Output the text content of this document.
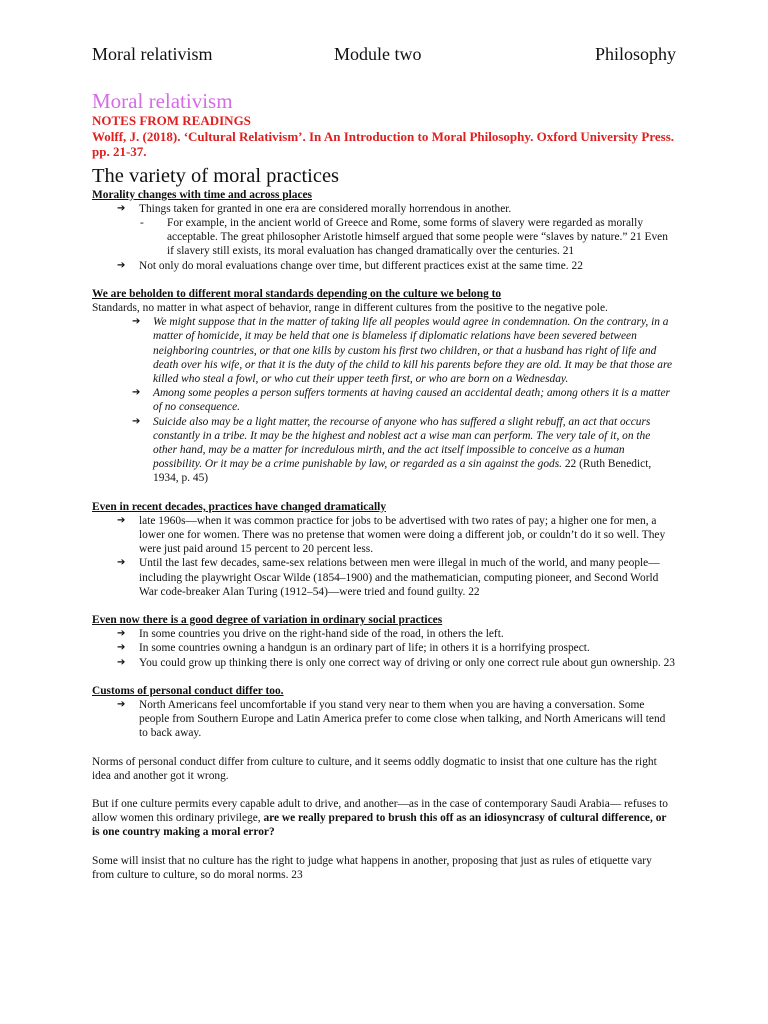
Moral relativism	Module two	Philosophy
Moral relativism
NOTES FROM READINGS
Wolff, J. (2018). ‘Cultural Relativism’. In An Introduction to Moral Philosophy. Oxford University Press. pp. 21-37.
The variety of moral practices
Morality changes with time and across places
➔ Things taken for granted in one era are considered morally horrendous in another.
- For example, in the ancient world of Greece and Rome, some forms of slavery were regarded as morally acceptable. The great philosopher Aristotle himself argued that some people were “slaves by nature.” 21 Even if slavery still exists, its moral evaluation has changed dramatically over the centuries. 21
➔ Not only do moral evaluations change over time, but different practices exist at the same time. 22
We are beholden to different moral standards depending on the culture we belong to
Standards, no matter in what aspect of behavior, range in different cultures from the positive to the negative pole.
➔ We might suppose that in the matter of taking life all peoples would agree in condemnation. On the contrary, in a matter of homicide, it may be held that one is blameless if diplomatic relations have been severed between neighboring countries, or that one kills by custom his first two children, or that a husband has right of life and death over his wife, or that it is the duty of the child to kill his parents before they are old. It may be that those are killed who steal a fowl, or who cut their upper teeth first, or who are born on a Wednesday.
➔ Among some peoples a person suffers torments at having caused an accidental death; among others it is a matter of no consequence.
➔ Suicide also may be a light matter, the recourse of anyone who has suffered a slight rebuff, an act that occurs constantly in a tribe. It may be the highest and noblest act a wise man can perform. The very tale of it, on the other hand, may be a matter for incredulous mirth, and the act itself impossible to conceive as a human possibility. Or it may be a crime punishable by law, or regarded as a sin against the gods. 22 (Ruth Benedict, 1934, p. 45)
Even in recent decades, practices have changed dramatically
➔ late 1960s—when it was common practice for jobs to be advertised with two rates of pay; a higher one for men, a lower one for women. There was no pretense that women were doing a different job, or couldn’t do it so well. They were just paid around 15 percent to 20 percent less.
➔ Until the last few decades, same-sex relations between men were illegal in much of the world, and many people—including the playwright Oscar Wilde (1854–1900) and the mathematician, computing pioneer, and Second World War code-breaker Alan Turing (1912–54)—were tried and found guilty. 22
Even now there is a good degree of variation in ordinary social practices
➔ In some countries you drive on the right-hand side of the road, in others the left.
➔ In some countries owning a handgun is an ordinary part of life; in others it is a horrifying prospect.
➔ You could grow up thinking there is only one correct way of driving or only one correct rule about gun ownership. 23
Customs of personal conduct differ too.
➔ North Americans feel uncomfortable if you stand very near to them when you are having a conversation. Some people from Southern Europe and Latin America prefer to come close when talking, and North Americans will tend to back away.
Norms of personal conduct differ from culture to culture, and it seems oddly dogmatic to insist that one culture has the right idea and another got it wrong.
But if one culture permits every capable adult to drive, and another—as in the case of contemporary Saudi Arabia— refuses to allow women this ordinary privilege, are we really prepared to brush this off as an idiosyncrasy of cultural difference, or is one country making a moral error?
Some will insist that no culture has the right to judge what happens in another, proposing that just as rules of etiquette vary from culture to culture, so do moral norms. 23
